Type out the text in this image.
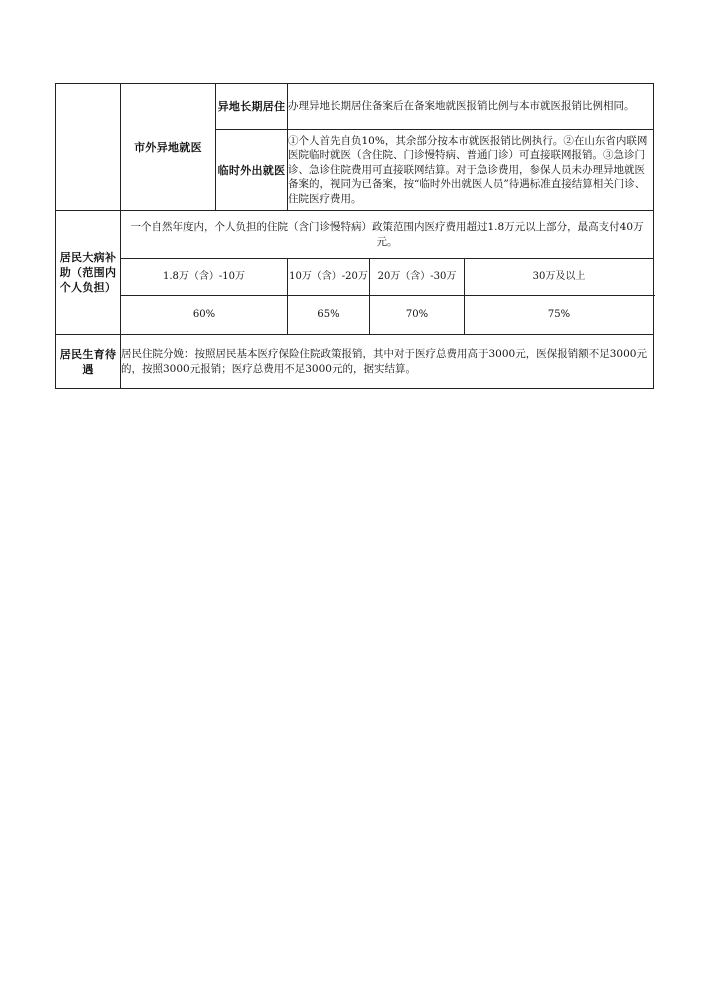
	市外异地就医	异地长期居住	办理异地长期居住备案后在备案地就医报销比例与本市就医报销比例相同。		
		临时外出就医	①个人首先自负10%，其余部分按本市就医报销比例执行。②在山东省内联网医院临时就医（含住院、门诊慢特病、普通门诊）可直接联网报销。③急诊门诊、急诊住院费用可直接联网结算。对于急诊费用，参保人员未办理异地就医备案的，视同为已备案，按“临时外出就医人员”待遇标准直接结算相关门诊、住院医疗费用。		
居民大病补助（范围内个人负担）	一个自然年度内，个人负担的住院（含门诊慢特病）政策范围内医疗费用超过1.8万元以上部分，最高支付40万元。				
	1.8万（含）-10万		10万（含）-20万	20万（含）-30万	30万及以上
	60%		65%	70%	75%
居民生育待遇	居民住院分娩：按照居民基本医疗保险住院政策报销，其中对于医疗总费用高于3000元，医保报销额不足3000元的，按照3000元报销；医疗总费用不足3000元的，据实结算。				
